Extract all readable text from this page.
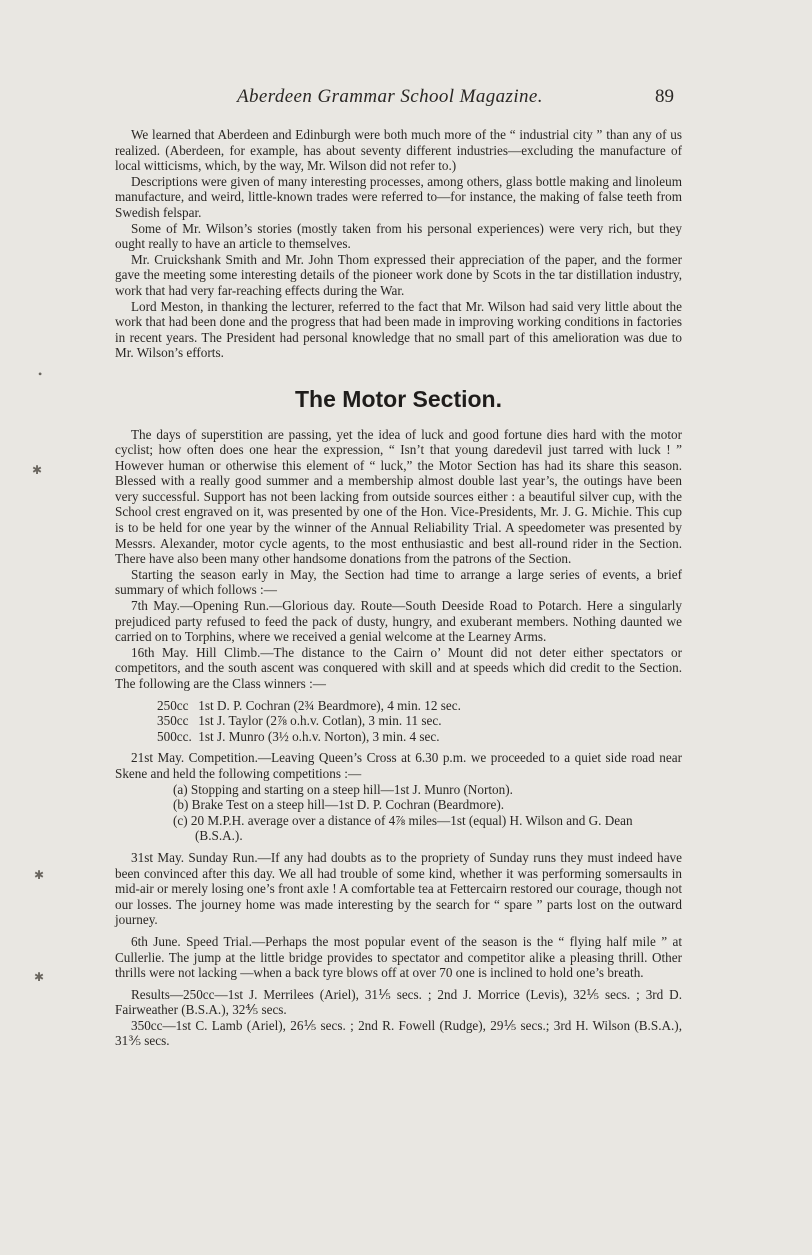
Aberdeen Grammar School Magazine.	89
•
✱
✱
✱

We learned that Aberdeen and Edinburgh were both much more of the “ industrial city ” than any of us realized. (Aberdeen, for example, has about seventy different industries—excluding the manufacture of local witticisms, which, by the way, Mr. Wilson did not refer to.)

Descriptions were given of many interesting processes, among others, glass bottle making and linoleum manufacture, and weird, little-known trades were referred to—for instance, the making of false teeth from Swedish felspar.

Some of Mr. Wilson’s stories (mostly taken from his personal experiences) were very rich, but they ought really to have an article to themselves.

Mr. Cruickshank Smith and Mr. John Thom expressed their appreciation of the paper, and the former gave the meeting some interesting details of the pioneer work done by Scots in the tar distillation industry, work that had very far-reaching effects during the War.

Lord Meston, in thanking the lecturer, referred to the fact that Mr. Wilson had said very little about the work that had been done and the progress that had been made in improving working conditions in factories in recent years. The President had personal knowledge that no small part of this amelioration was due to Mr. Wilson’s efforts.

The Motor Section.

The days of superstition are passing, yet the idea of luck and good fortune dies hard with the motor cyclist; how often does one hear the expression, “ Isn’t that young daredevil just tarred with luck ! ” However human or otherwise this element of “ luck,” the Motor Section has had its share this season. Blessed with a really good summer and a membership almost double last year’s, the outings have been very successful. Support has not been lacking from outside sources either : a beautiful silver cup, with the School crest engraved on it, was presented by one of the Hon. Vice-Presidents, Mr. J. G. Michie. This cup is to be held for one year by the winner of the Annual Reliability Trial. A speedometer was presented by Messrs. Alexander, motor cycle agents, to the most enthusiastic and best all-round rider in the Section. There have also been many other handsome donations from the patrons of the Section.

Starting the season early in May, the Section had time to arrange a large series of events, a brief summary of which follows :—

7th May.—Opening Run.—Glorious day. Route—South Deeside Road to Potarch. Here a singularly prejudiced party refused to feed the pack of dusty, hungry, and exuberant members. Nothing daunted we carried on to Torphins, where we received a genial welcome at the Learney Arms.

16th May. Hill Climb.—The distance to the Cairn o’ Mount did not deter either spectators or competitors, and the south ascent was conquered with skill and at speeds which did credit to the Section. The following are the Class winners :—

250cc 1st D. P. Cochran (2¾ Beardmore), 4 min. 12 sec.
350cc 1st J. Taylor (2⅞ o.h.v. Cotlan), 3 min. 11 sec.
500cc. 1st J. Munro (3½ o.h.v. Norton), 3 min. 4 sec.

21st May. Competition.—Leaving Queen’s Cross at 6.30 p.m. we proceeded to a quiet side road near Skene and held the following competitions :—

(a) Stopping and starting on a steep hill—1st J. Munro (Norton).
(b) Brake Test on a steep hill—1st D. P. Cochran (Beardmore).
(c) 20 M.P.H. average over a distance of 4⅞ miles—1st (equal) H. Wilson and G. Dean (B.S.A.).

31st May. Sunday Run.—If any had doubts as to the propriety of Sunday runs they must indeed have been convinced after this day. We all had trouble of some kind, whether it was performing somersaults in mid-air or merely losing one’s front axle ! A comfortable tea at Fettercairn restored our courage, though not our losses. The journey home was made interesting by the search for “ spare ” parts lost on the outward journey.

6th June. Speed Trial.—Perhaps the most popular event of the season is the “ flying half mile ” at Cullerlie. The jump at the little bridge provides to spectator and competitor alike a pleasing thrill. Other thrills were not lacking —when a back tyre blows off at over 70 one is inclined to hold one’s breath.

Results—250cc—1st J. Merrilees (Ariel), 31⅕ secs. ; 2nd J. Morrice (Levis), 32⅕ secs. ; 3rd D. Fairweather (B.S.A.), 32⅘ secs.

350cc—1st C. Lamb (Ariel), 26⅕ secs. ; 2nd R. Fowell (Rudge), 29⅕ secs.; 3rd H. Wilson (B.S.A.), 31⅗ secs.
